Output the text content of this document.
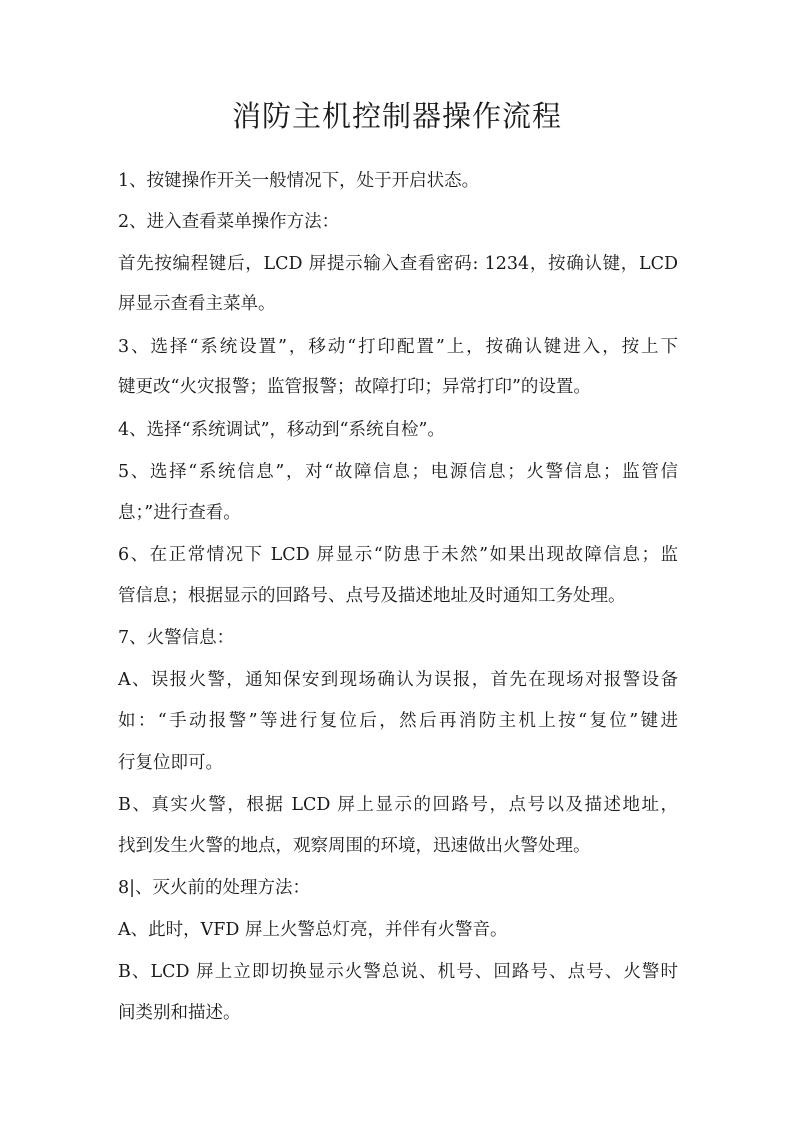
消防主机控制器操作流程

1、按键操作开关一般情况下，处于开启状态。

2、进入查看菜单操作方法：

首先按编程键后，LCD 屏提示输入查看密码: 1234，按确认键，LCD

屏显示查看主菜单。

3、选择“系统设置”，移动“打印配置”上，按确认键进入，按上下

键更改“火灾报警；监管报警；故障打印；异常打印”的设置。

4、选择“系统调试”，移动到“系统自检”。

5、选择“系统信息”，对“故障信息；电源信息；火警信息；监管信

息；”进行查看。

6、在正常情况下 LCD 屏显示“防患于未然”如果出现故障信息；监

管信息；根据显示的回路号、点号及描述地址及时通知工务处理。

7、火警信息：

A、误报火警，通知保安到现场确认为误报，首先在现场对报警设备

如：“手动报警”等进行复位后，然后再消防主机上按“复位”键进

行复位即可。

B、真实火警，根据 LCD 屏上显示的回路号，点号以及描述地址，

找到发生火警的地点，观察周围的环境，迅速做出火警处理。

8|、灭火前的处理方法：

A、此时，VFD 屏上火警总灯亮，并伴有火警音。

B、LCD 屏上立即切换显示火警总说、机号、回路号、点号、火警时

间类别和描述。
